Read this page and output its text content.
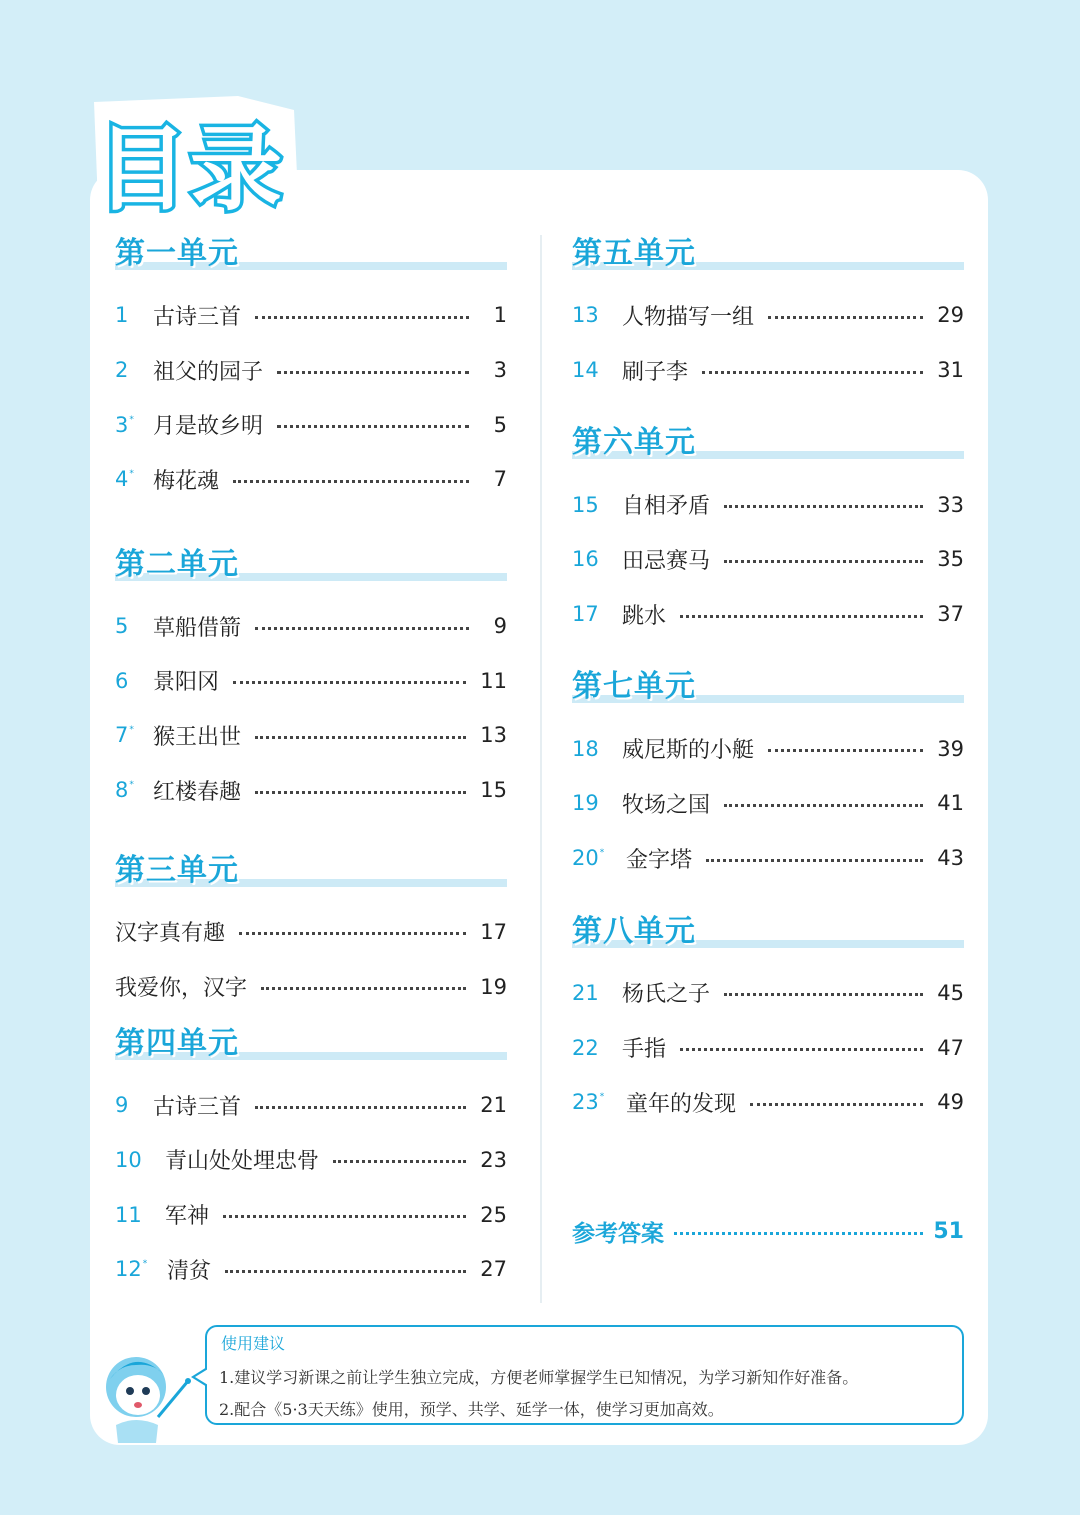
目录
第一单元
1	古诗三首	1
2	祖父的园子	3
3* 月是故乡明	5
4* 梅花魂	7
第二单元
5	草船借箭	9
6	景阳冈	11
7* 猴王出世	13
8* 红楼春趣	15
第三单元
汉字真有趣	17
我爱你，汉字	19
第四单元
9	古诗三首	21
10	青山处处埋忠骨	23
11	军神	25
12* 清贫	27
第五单元
13	人物描写一组	29
14	刷子李	31
第六单元
15	自相矛盾	33
16	田忌赛马	35
17	跳水	37
第七单元
18	威尼斯的小艇	39
19	牧场之国	41
20* 金字塔	43
第八单元
21	杨氏之子	45
22	手指	47
23* 童年的发现	49
参考答案	51
使用建议
1.建议学习新课之前让学生独立完成，方便老师掌握学生已知情况，为学习新知作好准备。
2.配合《5·3天天练》使用，预学、共学、延学一体，使学习更加高效。
